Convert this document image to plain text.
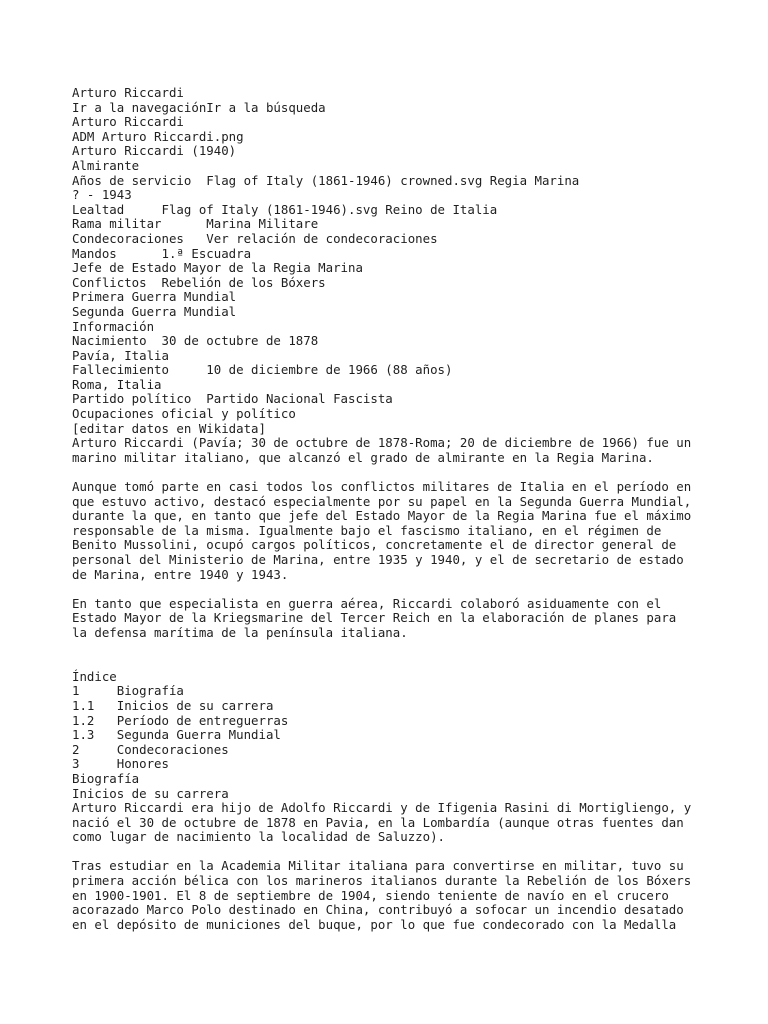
Arturo Riccardi
Ir a la navegaciónIr a la búsqueda
Arturo Riccardi
ADM Arturo Riccardi.png
Arturo Riccardi (1940)
Almirante
Años de servicio  Flag of Italy (1861-1946) crowned.svg Regia Marina
? - 1943
Lealtad     Flag of Italy (1861-1946).svg Reino de Italia
Rama militar      Marina Militare
Condecoraciones   Ver relación de condecoraciones
Mandos      1.ª Escuadra
Jefe de Estado Mayor de la Regia Marina
Conflictos  Rebelión de los Bóxers
Primera Guerra Mundial
Segunda Guerra Mundial
Información
Nacimiento  30 de octubre de 1878
Pavía, Italia
Fallecimiento     10 de diciembre de 1966 (88 años)
Roma, Italia
Partido político  Partido Nacional Fascista
Ocupaciones oficial y político
[editar datos en Wikidata]
Arturo Riccardi (Pavía; 30 de octubre de 1878-Roma; 20 de diciembre de 1966) fue un
marino militar italiano, que alcanzó el grado de almirante en la Regia Marina.
Aunque tomó parte en casi todos los conflictos militares de Italia en el período en
que estuvo activo, destacó especialmente por su papel en la Segunda Guerra Mundial,
durante la que, en tanto que jefe del Estado Mayor de la Regia Marina fue el máximo
responsable de la misma. Igualmente bajo el fascismo italiano, en el régimen de
Benito Mussolini, ocupó cargos políticos, concretamente el de director general de
personal del Ministerio de Marina, entre 1935 y 1940, y el de secretario de estado
de Marina, entre 1940 y 1943.
En tanto que especialista en guerra aérea, Riccardi colaboró asiduamente con el
Estado Mayor de la Kriegsmarine del Tercer Reich en la elaboración de planes para
la defensa marítima de la península italiana.
Índice
1     Biografía
1.1   Inicios de su carrera
1.2   Período de entreguerras
1.3   Segunda Guerra Mundial
2     Condecoraciones
3     Honores
Biografía
Inicios de su carrera
Arturo Riccardi era hijo de Adolfo Riccardi y de Ifigenia Rasini di Mortigliengo, y
nació el 30 de octubre de 1878 en Pavia, en la Lombardía (aunque otras fuentes dan
como lugar de nacimiento la localidad de Saluzzo).
Tras estudiar en la Academia Militar italiana para convertirse en militar, tuvo su
primera acción bélica con los marineros italianos durante la Rebelión de los Bóxers
en 1900-1901. El 8 de septiembre de 1904, siendo teniente de navío en el crucero
acorazado Marco Polo destinado en China, contribuyó a sofocar un incendio desatado
en el depósito de municiones del buque, por lo que fue condecorado con la Medalla
